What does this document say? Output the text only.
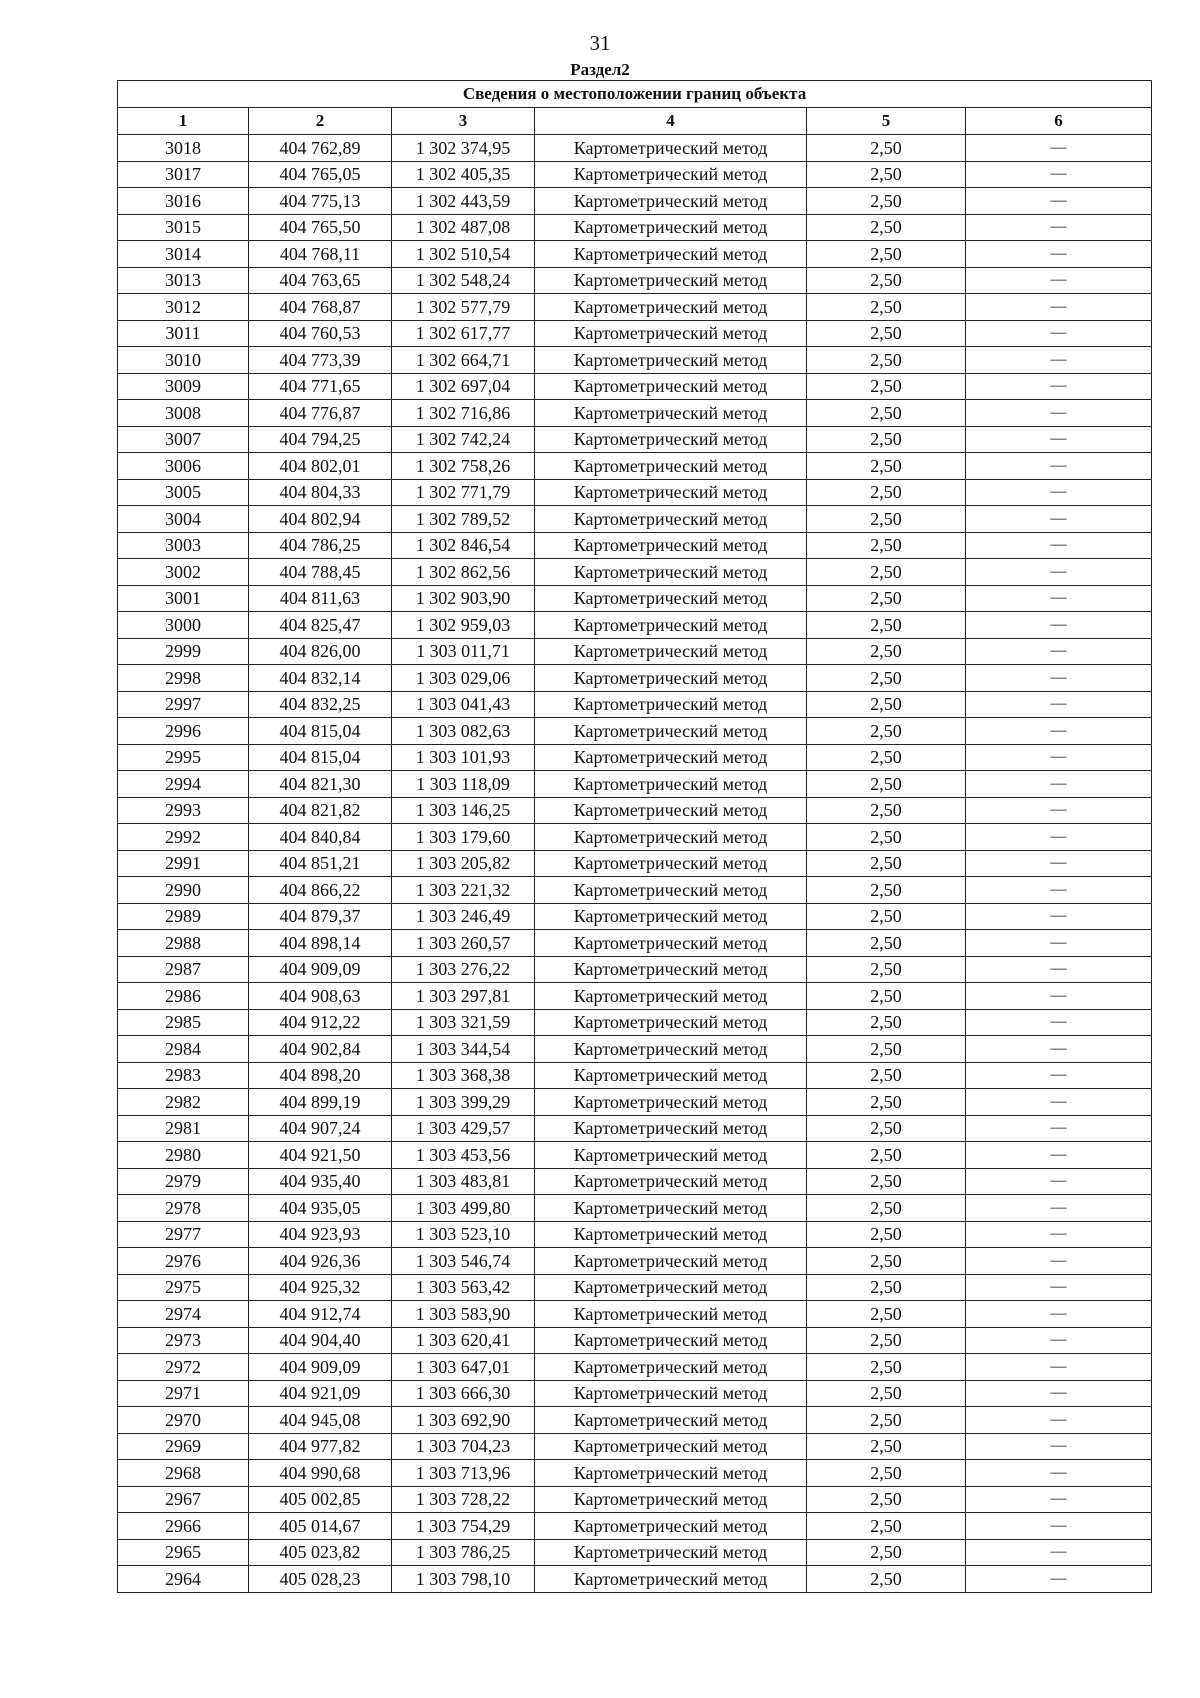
31
Раздел2
Сведения о местоположении границ объекта					
1	2	3	4	5	6
3018	404 762,89	1 302 374,95	Картометрический метод	2,50	—
3017	404 765,05	1 302 405,35	Картометрический метод	2,50	—
3016	404 775,13	1 302 443,59	Картометрический метод	2,50	—
3015	404 765,50	1 302 487,08	Картометрический метод	2,50	—
3014	404 768,11	1 302 510,54	Картометрический метод	2,50	—
3013	404 763,65	1 302 548,24	Картометрический метод	2,50	—
3012	404 768,87	1 302 577,79	Картометрический метод	2,50	—
3011	404 760,53	1 302 617,77	Картометрический метод	2,50	—
3010	404 773,39	1 302 664,71	Картометрический метод	2,50	—
3009	404 771,65	1 302 697,04	Картометрический метод	2,50	—
3008	404 776,87	1 302 716,86	Картометрический метод	2,50	—
3007	404 794,25	1 302 742,24	Картометрический метод	2,50	—
3006	404 802,01	1 302 758,26	Картометрический метод	2,50	—
3005	404 804,33	1 302 771,79	Картометрический метод	2,50	—
3004	404 802,94	1 302 789,52	Картометрический метод	2,50	—
3003	404 786,25	1 302 846,54	Картометрический метод	2,50	—
3002	404 788,45	1 302 862,56	Картометрический метод	2,50	—
3001	404 811,63	1 302 903,90	Картометрический метод	2,50	—
3000	404 825,47	1 302 959,03	Картометрический метод	2,50	—
2999	404 826,00	1 303 011,71	Картометрический метод	2,50	—
2998	404 832,14	1 303 029,06	Картометрический метод	2,50	—
2997	404 832,25	1 303 041,43	Картометрический метод	2,50	—
2996	404 815,04	1 303 082,63	Картометрический метод	2,50	—
2995	404 815,04	1 303 101,93	Картометрический метод	2,50	—
2994	404 821,30	1 303 118,09	Картометрический метод	2,50	—
2993	404 821,82	1 303 146,25	Картометрический метод	2,50	—
2992	404 840,84	1 303 179,60	Картометрический метод	2,50	—
2991	404 851,21	1 303 205,82	Картометрический метод	2,50	—
2990	404 866,22	1 303 221,32	Картометрический метод	2,50	—
2989	404 879,37	1 303 246,49	Картометрический метод	2,50	—
2988	404 898,14	1 303 260,57	Картометрический метод	2,50	—
2987	404 909,09	1 303 276,22	Картометрический метод	2,50	—
2986	404 908,63	1 303 297,81	Картометрический метод	2,50	—
2985	404 912,22	1 303 321,59	Картометрический метод	2,50	—
2984	404 902,84	1 303 344,54	Картометрический метод	2,50	—
2983	404 898,20	1 303 368,38	Картометрический метод	2,50	—
2982	404 899,19	1 303 399,29	Картометрический метод	2,50	—
2981	404 907,24	1 303 429,57	Картометрический метод	2,50	—
2980	404 921,50	1 303 453,56	Картометрический метод	2,50	—
2979	404 935,40	1 303 483,81	Картометрический метод	2,50	—
2978	404 935,05	1 303 499,80	Картометрический метод	2,50	—
2977	404 923,93	1 303 523,10	Картометрический метод	2,50	—
2976	404 926,36	1 303 546,74	Картометрический метод	2,50	—
2975	404 925,32	1 303 563,42	Картометрический метод	2,50	—
2974	404 912,74	1 303 583,90	Картометрический метод	2,50	—
2973	404 904,40	1 303 620,41	Картометрический метод	2,50	—
2972	404 909,09	1 303 647,01	Картометрический метод	2,50	—
2971	404 921,09	1 303 666,30	Картометрический метод	2,50	—
2970	404 945,08	1 303 692,90	Картометрический метод	2,50	—
2969	404 977,82	1 303 704,23	Картометрический метод	2,50	—
2968	404 990,68	1 303 713,96	Картометрический метод	2,50	—
2967	405 002,85	1 303 728,22	Картометрический метод	2,50	—
2966	405 014,67	1 303 754,29	Картометрический метод	2,50	—
2965	405 023,82	1 303 786,25	Картометрический метод	2,50	—
2964	405 028,23	1 303 798,10	Картометрический метод	2,50	—
